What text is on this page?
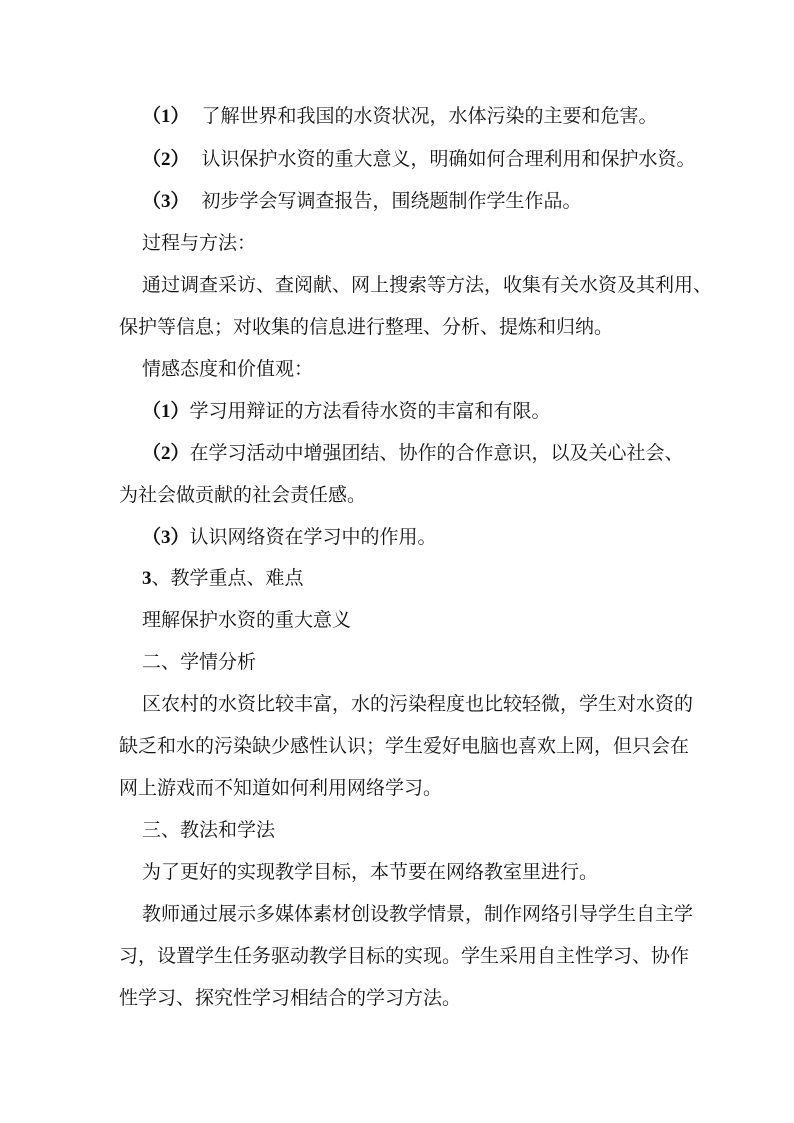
（1） 了解世界和我国的水资状况，水体污染的主要和危害。
（2） 认识保护水资的重大意义，明确如何合理利用和保护水资。
（3） 初步学会写调查报告，围绕题制作学生作品。
过程与方法：
通过调查采访、查阅献、网上搜索等方法，收集有关水资及其利用、
保护等信息；对收集的信息进行整理、分析、提炼和归纳。
情感态度和价值观：
（1）学习用辩证的方法看待水资的丰富和有限。
（2）在学习活动中增强团结、协作的合作意识，以及关心社会、
为社会做贡献的社会责任感。
（3）认识网络资在学习中的作用。
3、教学重点、难点
理解保护水资的重大意义
二、学情分析
区农村的水资比较丰富，水的污染程度也比较轻微，学生对水资的
缺乏和水的污染缺少感性认识；学生爱好电脑也喜欢上网，但只会在
网上游戏而不知道如何利用网络学习。
三、教法和学法
为了更好的实现教学目标，本节要在网络教室里进行。
教师通过展示多媒体素材创设教学情景，制作网络引导学生自主学
习，设置学生任务驱动教学目标的实现。学生采用自主性学习、协作
性学习、探究性学习相结合的学习方法。
